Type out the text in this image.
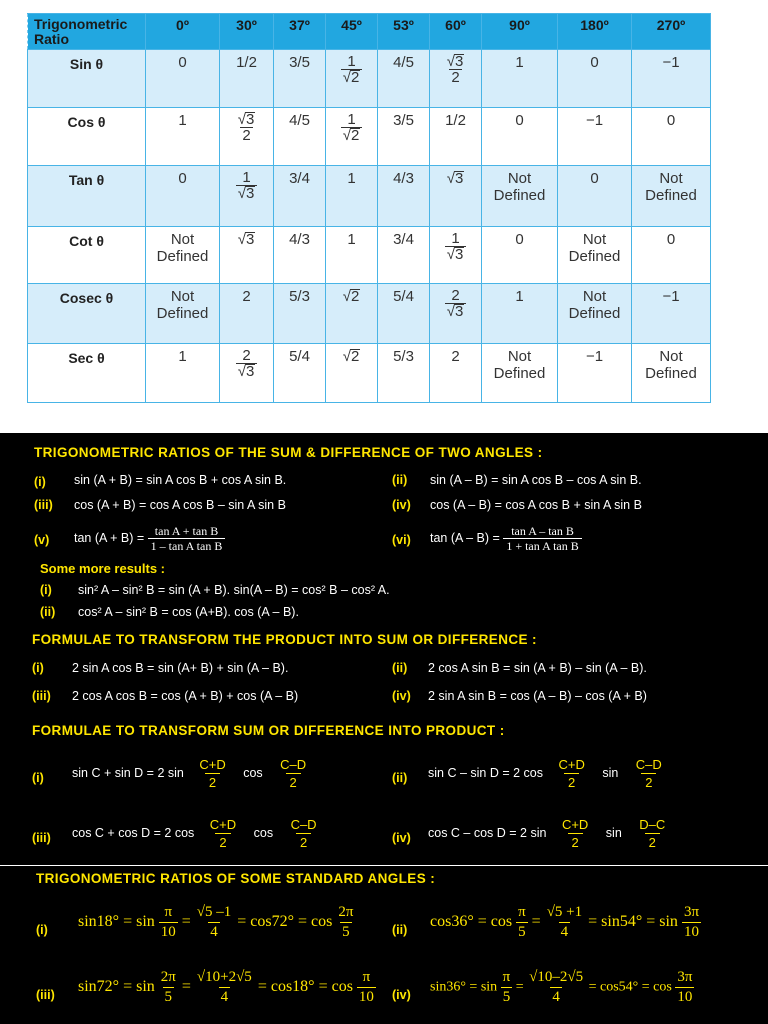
Trigonometric Ratio	0º	30º	37º	45º	53º	60º	90º	180º	270º
Sin θ	0	1/2	3/5	$\frac{1}{√ 2}$	4/5	$\frac{√ 3}{2}$	1	0	−1
Cos θ	1	$\frac{√ 3}{2}$	4/5	$\frac{1}{√ 2}$	3/5	1/2	0	−1	0
Tan θ	0	$\frac{1}{√ 3}$	3/4	1	4/3	√ 3	Not Defined	0	Not Defined
Cot θ	Not Defined	√ 3	4/3	1	3/4	$\frac{1}{√ 3}$	0	Not Defined	0
Cosec θ	Not Defined	2	5/3	√ 2	5/4	$\frac{2}{√ 3}$	1	Not Defined	−1
Sec θ	1	$\frac{2}{√ 3}$	5/4	√ 2	5/3	2	Not Defined	−1	Not Defined
TRIGONOMETRIC RATIOS OF THE SUM & DIFFERENCE OF TWO ANGLES :
(i) sin (A + B) = sin A cos B + cos A sin B.	(ii) sin (A – B) = sin A cos B – cos A sin B.
(iii) cos (A + B) = cos A cos B – sin A sin B	(iv) cos (A – B) = cos A cos B + sin A sin B
(v) $\tan (A + B) = \frac{\text{tan A + tan B}}{\text{1 – tan A tan B}}$	(vi) $\tan (A - B) = \frac{\text{tan A – tan B}}{\text{1 + tan A tan B}}$
Some more results :
(i) sin² A – sin² B = sin (A + B). sin(A – B) = cos² B – cos² A.
(ii) cos² A – sin² B = cos (A+B). cos (A – B).
FORMULAE TO TRANSFORM THE PRODUCT INTO SUM OR DIFFERENCE :
(i) 2 sin A cos B = sin (A+ B) + sin (A – B).	(ii) 2 cos A sin B = sin (A + B) – sin (A – B).
(iii) 2 cos A cos B = cos (A + B) + cos (A – B)	(iv) 2 sin A sin B = cos (A – B) – cos (A + B)
FORMULAE TO TRANSFORM SUM OR DIFFERENCE INTO PRODUCT :
(i) sin C + sin D = 2 $\sin \frac{C+D}{2}$ $\cos \frac{C-D}{2}$	(ii) sin C – sin D = 2 $\cos \frac{C+D}{2}$ $\sin \frac{C-D}{2}$
(iii) cos C + cos D = 2 $\cos \frac{C+D}{2}$ $\cos \frac{C-D}{2}$	(iv) cos C – cos D = 2 $\sin \frac{C+D}{2}$ $\sin \frac{D-C}{2}$
TRIGONOMETRIC RATIOS OF SOME STANDARD ANGLES :
(i) $\sin 18^\circ = \sin \frac{\pi}{10} = \frac{√5 -1}{4} = \cos 72^\circ = \cos \frac{2\pi}{5}$	(ii) $\cos 36^\circ = \cos \frac{\pi}{5} = \frac{√5 +1}{4} = \sin 54^\circ = \sin \frac{3\pi}{10}$
(iii) $\sin 72^\circ = \sin \frac{2\pi}{5} = \frac{√10+2√5}{4} = \cos 18^\circ = \cos \frac{\pi}{10} (iv)$
$\sin 36^\circ = \sin \frac{\pi}{5} = \frac{√10-2√5}{4} = \cos 54^\circ = \cos \frac{3\pi}{10}$
